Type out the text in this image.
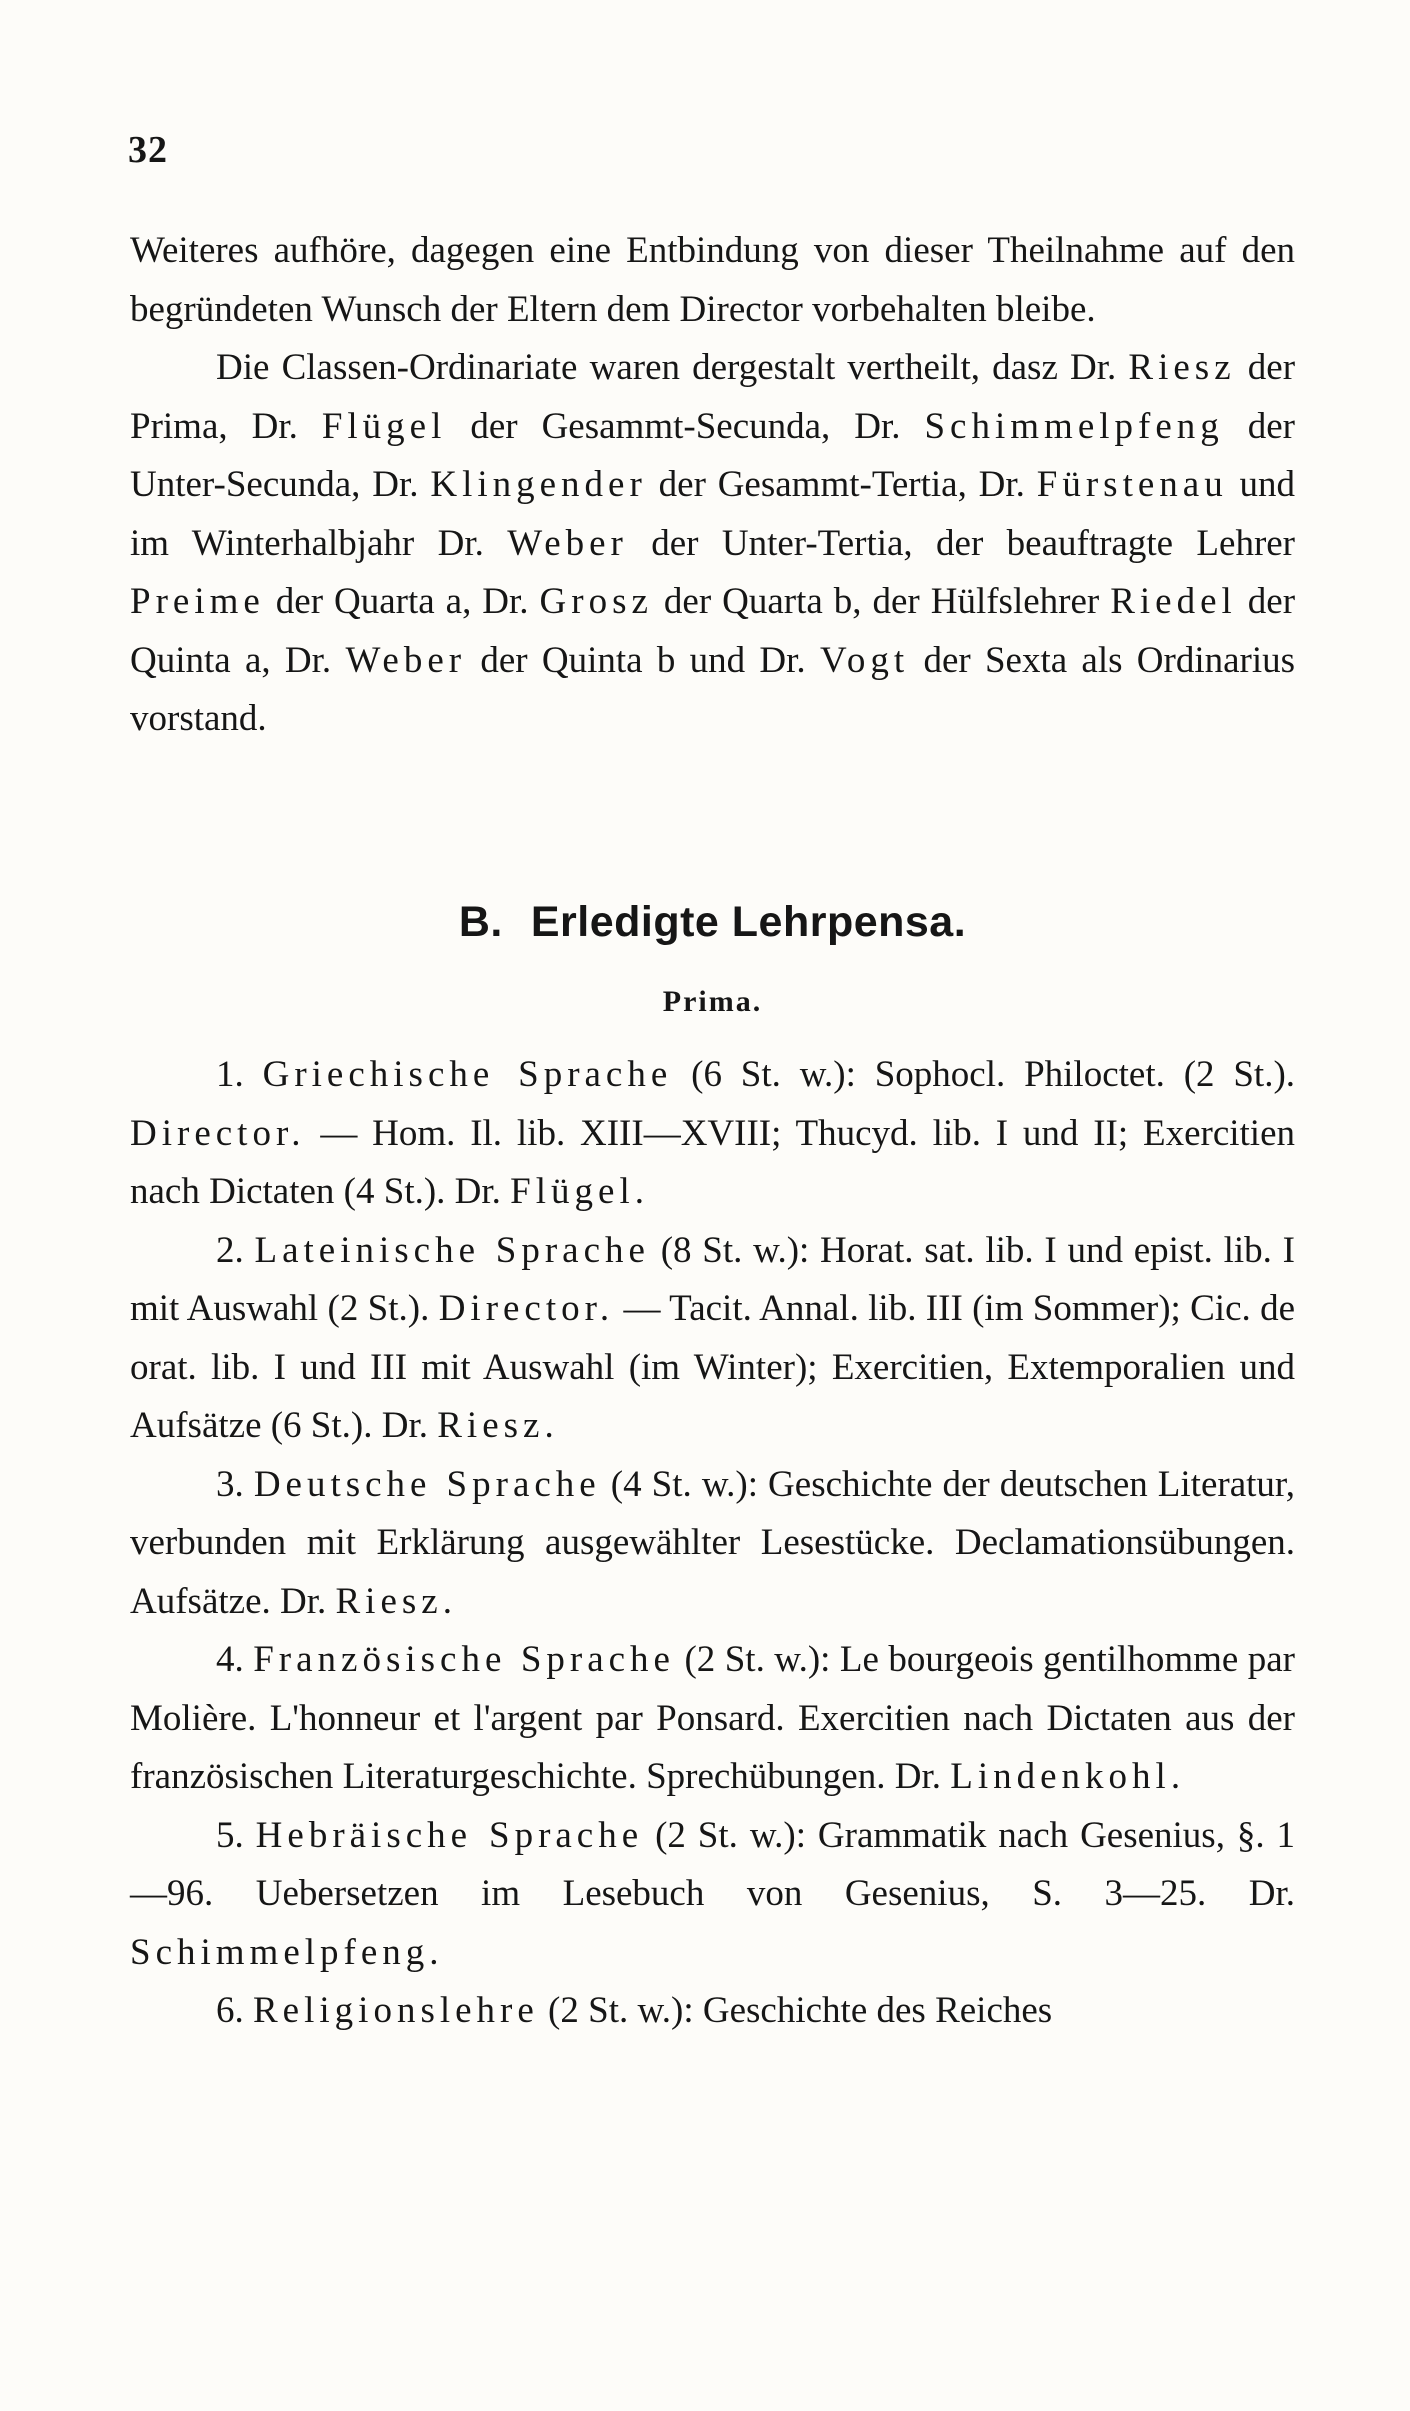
32

Weiteres aufhöre, dagegen eine Entbindung von dieser Theilnahme auf den begründeten Wunsch der Eltern dem Director vorbehalten bleibe.

Die Classen-Ordinariate waren dergestalt vertheilt, dasz Dr. Riesz der Prima, Dr. Flügel der Gesammt-Secunda, Dr. Schimmelpfeng der Unter-Secunda, Dr. Klingender der Gesammt-Tertia, Dr. Fürstenau und im Winterhalbjahr Dr. Weber der Unter-Tertia, der beauftragte Lehrer Preime der Quarta a, Dr. Grosz der Quarta b, der Hülfslehrer Riedel der Quinta a, Dr. Weber der Quinta b und Dr. Vogt der Sexta als Ordinarius vorstand.

B. Erledigte Lehrpensa.
Prima.

1. Griechische Sprache (6 St. w.): Sophocl. Philoctet. (2 St.). Director. — Hom. Il. lib. XIII—XVIII; Thucyd. lib. I und II; Exercitien nach Dictaten (4 St.). Dr. Flügel.

2. Lateinische Sprache (8 St. w.): Horat. sat. lib. I und epist. lib. I mit Auswahl (2 St.). Director. — Tacit. Annal. lib. III (im Sommer); Cic. de orat. lib. I und III mit Auswahl (im Winter); Exercitien, Extemporalien und Aufsätze (6 St.). Dr. Riesz.

3. Deutsche Sprache (4 St. w.): Geschichte der deutschen Literatur, verbunden mit Erklärung ausgewählter Lesestücke. Declamationsübungen. Aufsätze. Dr. Riesz.

4. Französische Sprache (2 St. w.): Le bourgeois gentilhomme par Molière. L'honneur et l'argent par Ponsard. Exercitien nach Dictaten aus der französischen Literaturgeschichte. Sprechübungen. Dr. Lindenkohl.

5. Hebräische Sprache (2 St. w.): Grammatik nach Gesenius, §. 1—96. Uebersetzen im Lesebuch von Gesenius, S. 3—25. Dr. Schimmelpfeng.

6. Religionslehre (2 St. w.): Geschichte des Reiches
